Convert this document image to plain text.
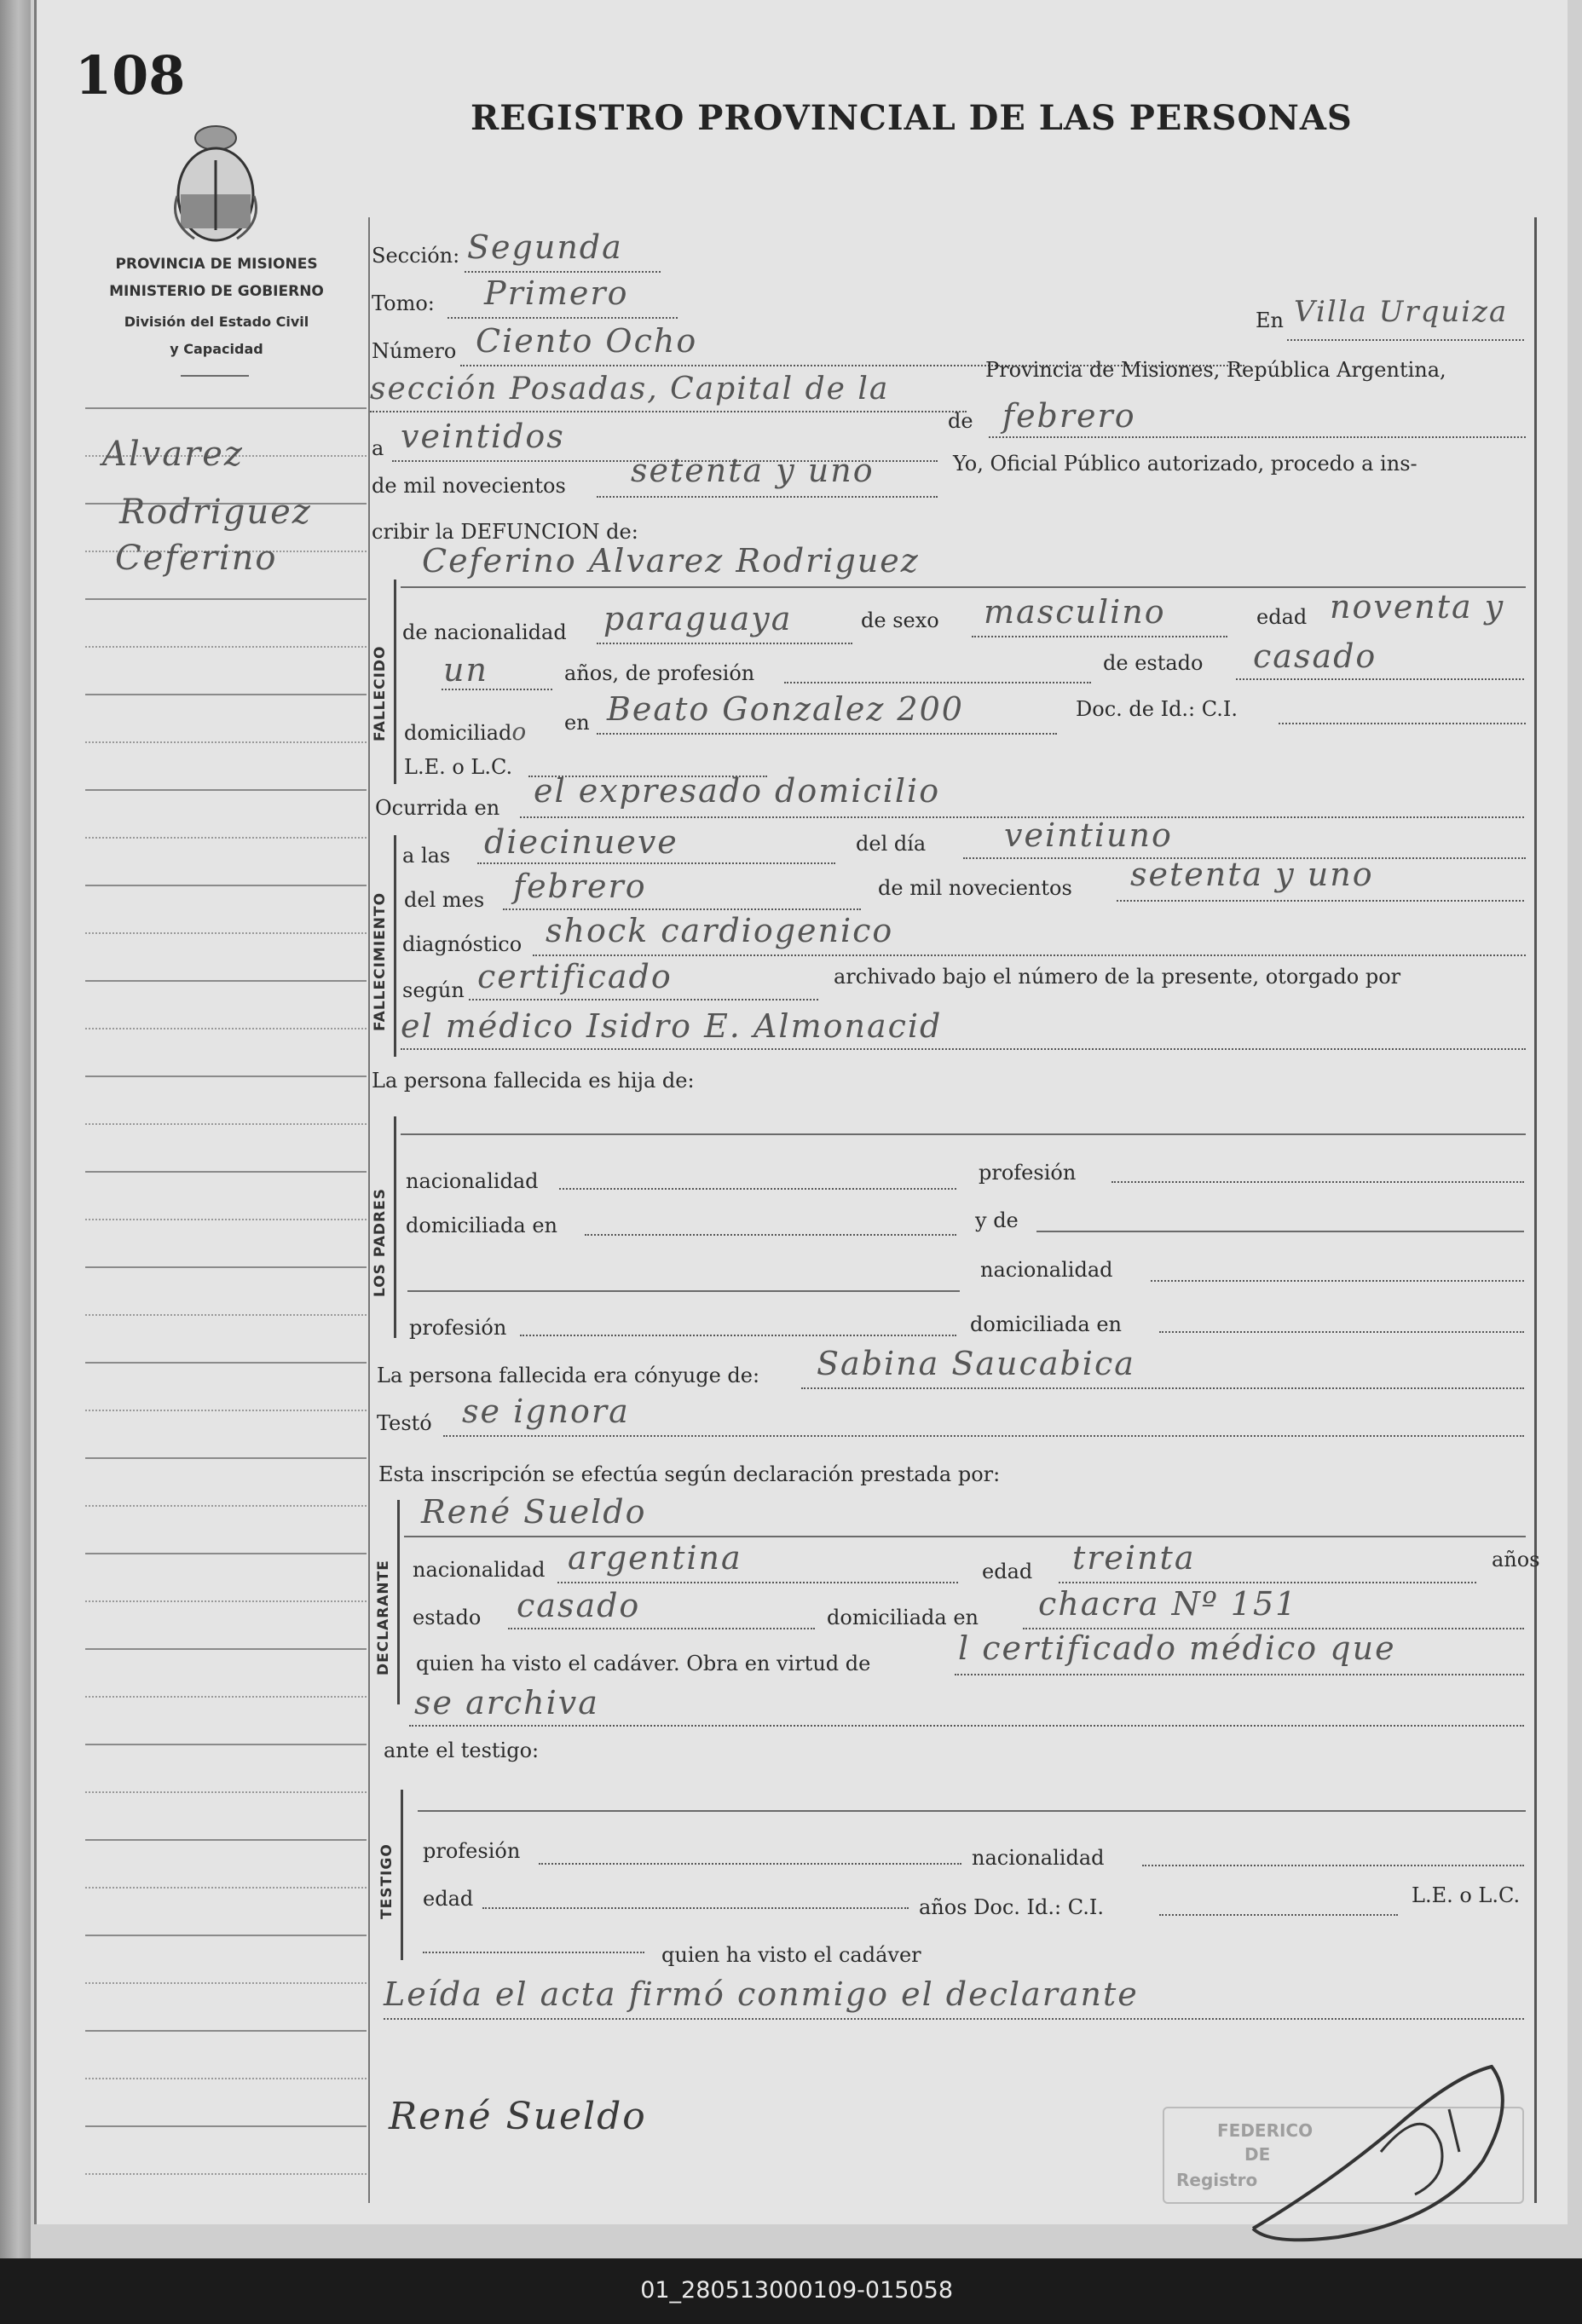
108
REGISTRO PROVINCIAL DE LAS PERSONAS
PROVINCIA DE MISIONES
MINISTERIO DE GOBIERNO
División del Estado Civil
y Capacidad
Alvarez
Rodriguez
Ceferino
Sección: Segunda
Tomo: Primero
Número Ciento Ocho
En Villa Urquiza
sección Posadas, Capital de la
Provincia de Misiones, República Argentina,
a veintidos	de febrero
de mil novecientos setenta y uno	Yo, Oficial Público autorizado, procedo a ins-
cribir la DEFUNCION de:
FALLECIDO
Ceferino Alvarez Rodriguez
de nacionalidad paraguaya	de sexo masculino	edad noventa y
un	años, de profesión	de estado casado
domiciliado en Beato Gonzalez 200	Doc. de Id.: C.I.
L.E. o L.C.
Ocurrida en el expresado domicilio
FALLECIMIENTO
a las diecinueve	del día veintiuno
del mes febrero	de mil novecientos setenta y uno
diagnóstico shock cardiogenico
según certificado	archivado bajo el número de la presente, otorgado por
el médico Isidro E. Almonacid
La persona fallecida es hija de:
LOS PADRES
nacionalidad	profesión
domiciliada en	y de
nacionalidad
profesión	domiciliada en
La persona fallecida era cónyuge de: Sabina Saucabica
Testó se ignora
Esta inscripción se efectúa según declaración prestada por:
DECLARANTE
René Sueldo
nacionalidad argentina	edad treinta	años
estado casado	domiciliada en chacra Nº 151
quien ha visto el cadáver. Obra en virtud de	l certificado médico que
se archiva
ante el testigo:
TESTIGO profesión	nacionalidad
edad	años Doc. Id.: C.I.	L.E. o L.C.
quien ha visto el cadáver
Leída el acta firmó conmigo el declarante
René Sueldo	FEDERICO
DE
Registro
01_280513000109-015058
